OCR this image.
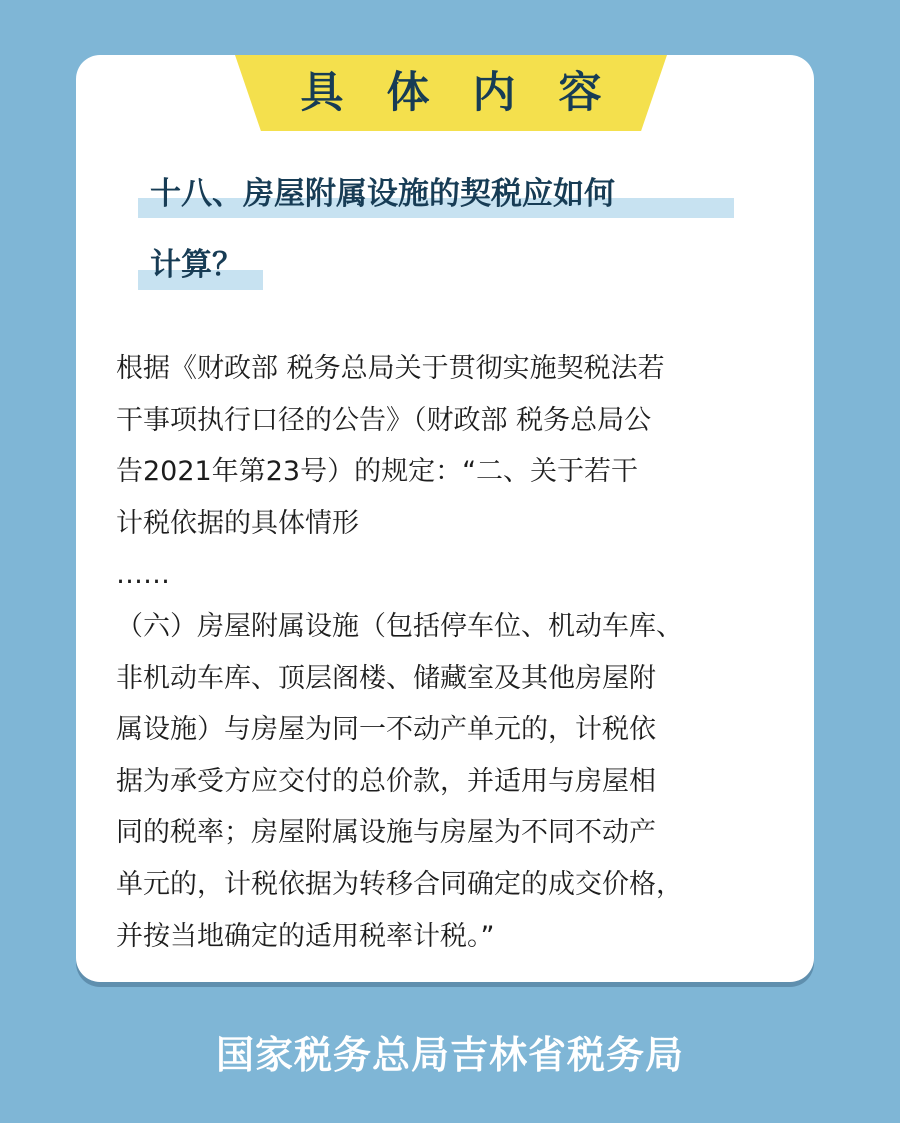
具 体 内 容
十八、房屋附属设施的契税应如何
计算？
根据《财政部 税务总局关于贯彻实施契税法若
干事项执行口径的公告》（财政部 税务总局公
告2021年第23号）的规定：“二、关于若干
计税依据的具体情形
……
（六）房屋附属设施（包括停车位、机动车库、
非机动车库、顶层阁楼、储藏室及其他房屋附
属设施）与房屋为同一不动产单元的，计税依
据为承受方应交付的总价款，并适用与房屋相
同的税率；房屋附属设施与房屋为不同不动产
单元的，计税依据为转移合同确定的成交价格，
并按当地确定的适用税率计税。”
国家税务总局吉林省税务局
